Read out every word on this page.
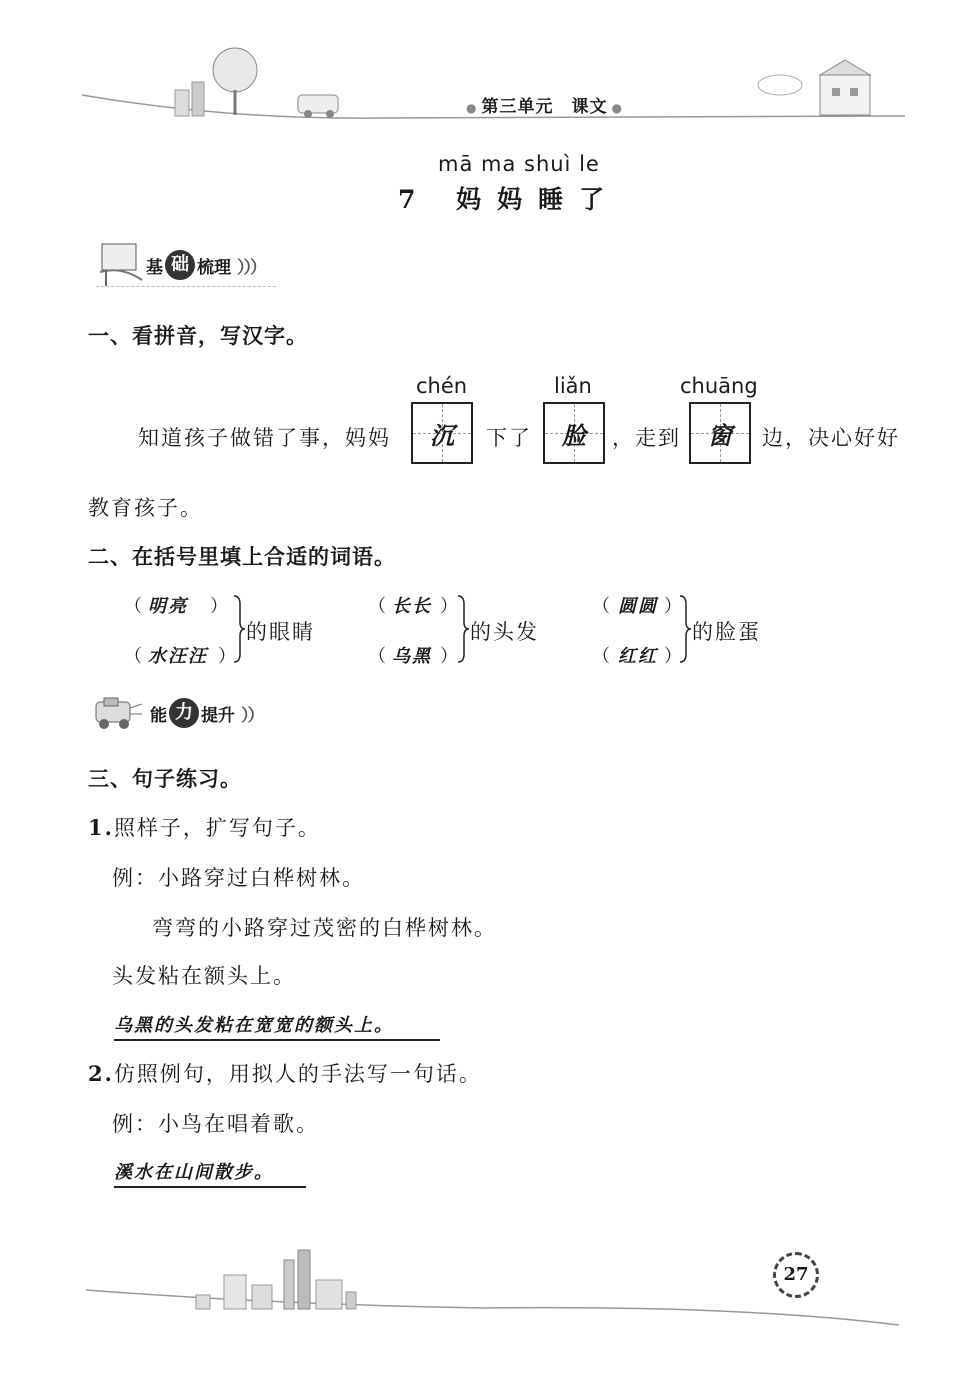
● 第三单元　课文 ●
mā ma shuì le
7 妈妈睡了
基 础 梳理 ）））
一、看拼音，写汉字。
chén	liǎn	chuāng
知道孩子做错了事，妈妈	沉	下了	脸	，走到	窗	边，决心好好
教育孩子。
二、在括号里填上合适的词语。
（ 明亮 ）
（ 水汪汪 ）
的眼睛
（ 长长 ）
（ 乌黑 ）
的头发
（ 圆圆 ）
（ 红红 ）
的脸蛋
能 力 提升 ））
三、句子练习。
1.照样子，扩写句子。
例：小路穿过白桦树林。
弯弯的小路穿过茂密的白桦树林。
头发粘在额头上。
乌黑的头发粘在宽宽的额头上。
2.仿照例句，用拟人的手法写一句话。
例：小鸟在唱着歌。
溪水在山间散步。
27
